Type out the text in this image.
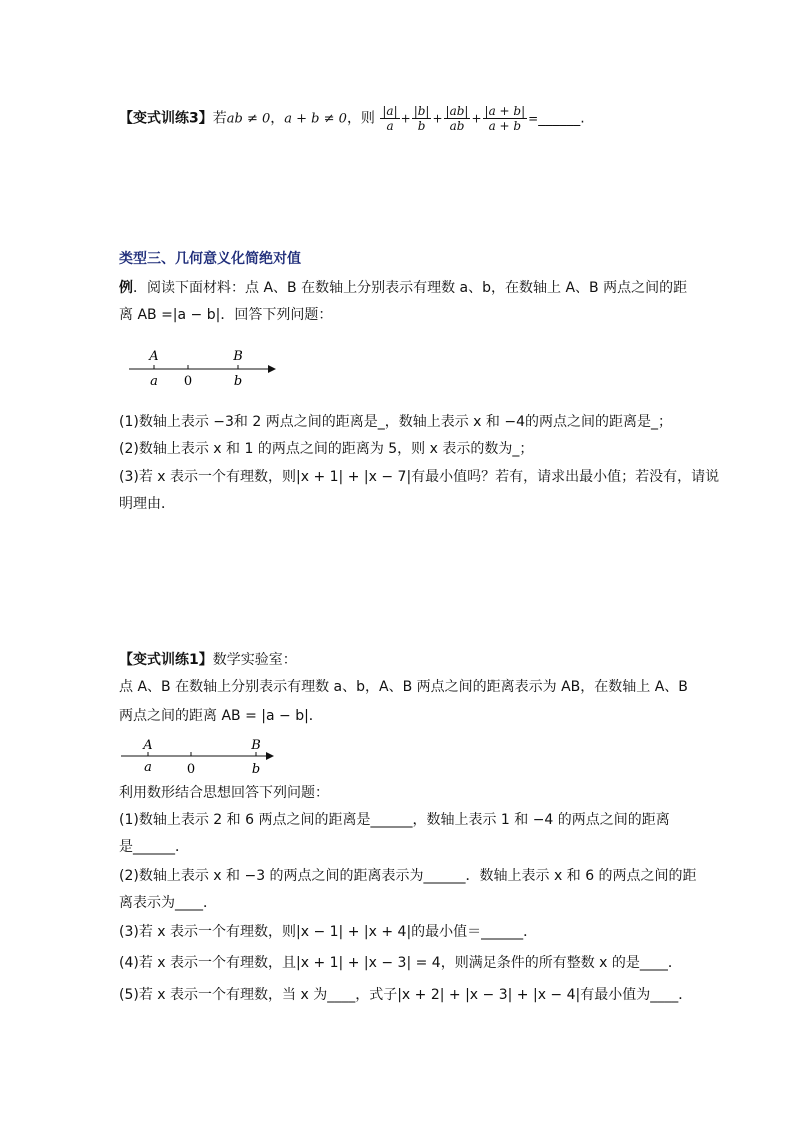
【变式训练3】若ab ≠ 0，a + b ≠ 0，则 $\frac{|a|}{a} + \frac{|b|}{b} + \frac{|ab|}{ab} + \frac{|a + b|}{a + b}$ =______.
类型三、几何意义化简绝对值
例．阅读下面材料：点 A、B 在数轴上分别表示有理数 a、b，在数轴上 A、B 两点之间的距
离 AB =|a − b|．回答下列问题：
A	B
a 0	b
(1)数轴上表示 −3和 2 两点之间的距离是_，数轴上表示 x 和 −4的两点之间的距离是_；
(2)数轴上表示 x 和 1 的两点之间的距离为 5，则 x 表示的数为_；
(3)若 x 表示一个有理数，则|x + 1| + |x − 7|有最小值吗？若有，请求出最小值；若没有，请说
明理由．
【变式训练1】数学实验室：
点 A、B 在数轴上分别表示有理数 a、b，A、B 两点之间的距离表示为 AB，在数轴上 A、B
两点之间的距离 AB = |a − b|．
A	B
a	0	b
利用数形结合思想回答下列问题：
(1)数轴上表示 2 和 6 两点之间的距离是______，数轴上表示 1 和 −4 的两点之间的距离
是______．
(2)数轴上表示 x 和 −3 的两点之间的距离表示为______．数轴上表示 x 和 6 的两点之间的距
离表示为____．
(3)若 x 表示一个有理数，则|x − 1| + |x + 4|的最小值＝______．
(4)若 x 表示一个有理数，且|x + 1| + |x − 3| = 4，则满足条件的所有整数 x 的是____．
(5)若 x 表示一个有理数，当 x 为____，式子|x + 2| + |x − 3| + |x − 4|有最小值为____．
